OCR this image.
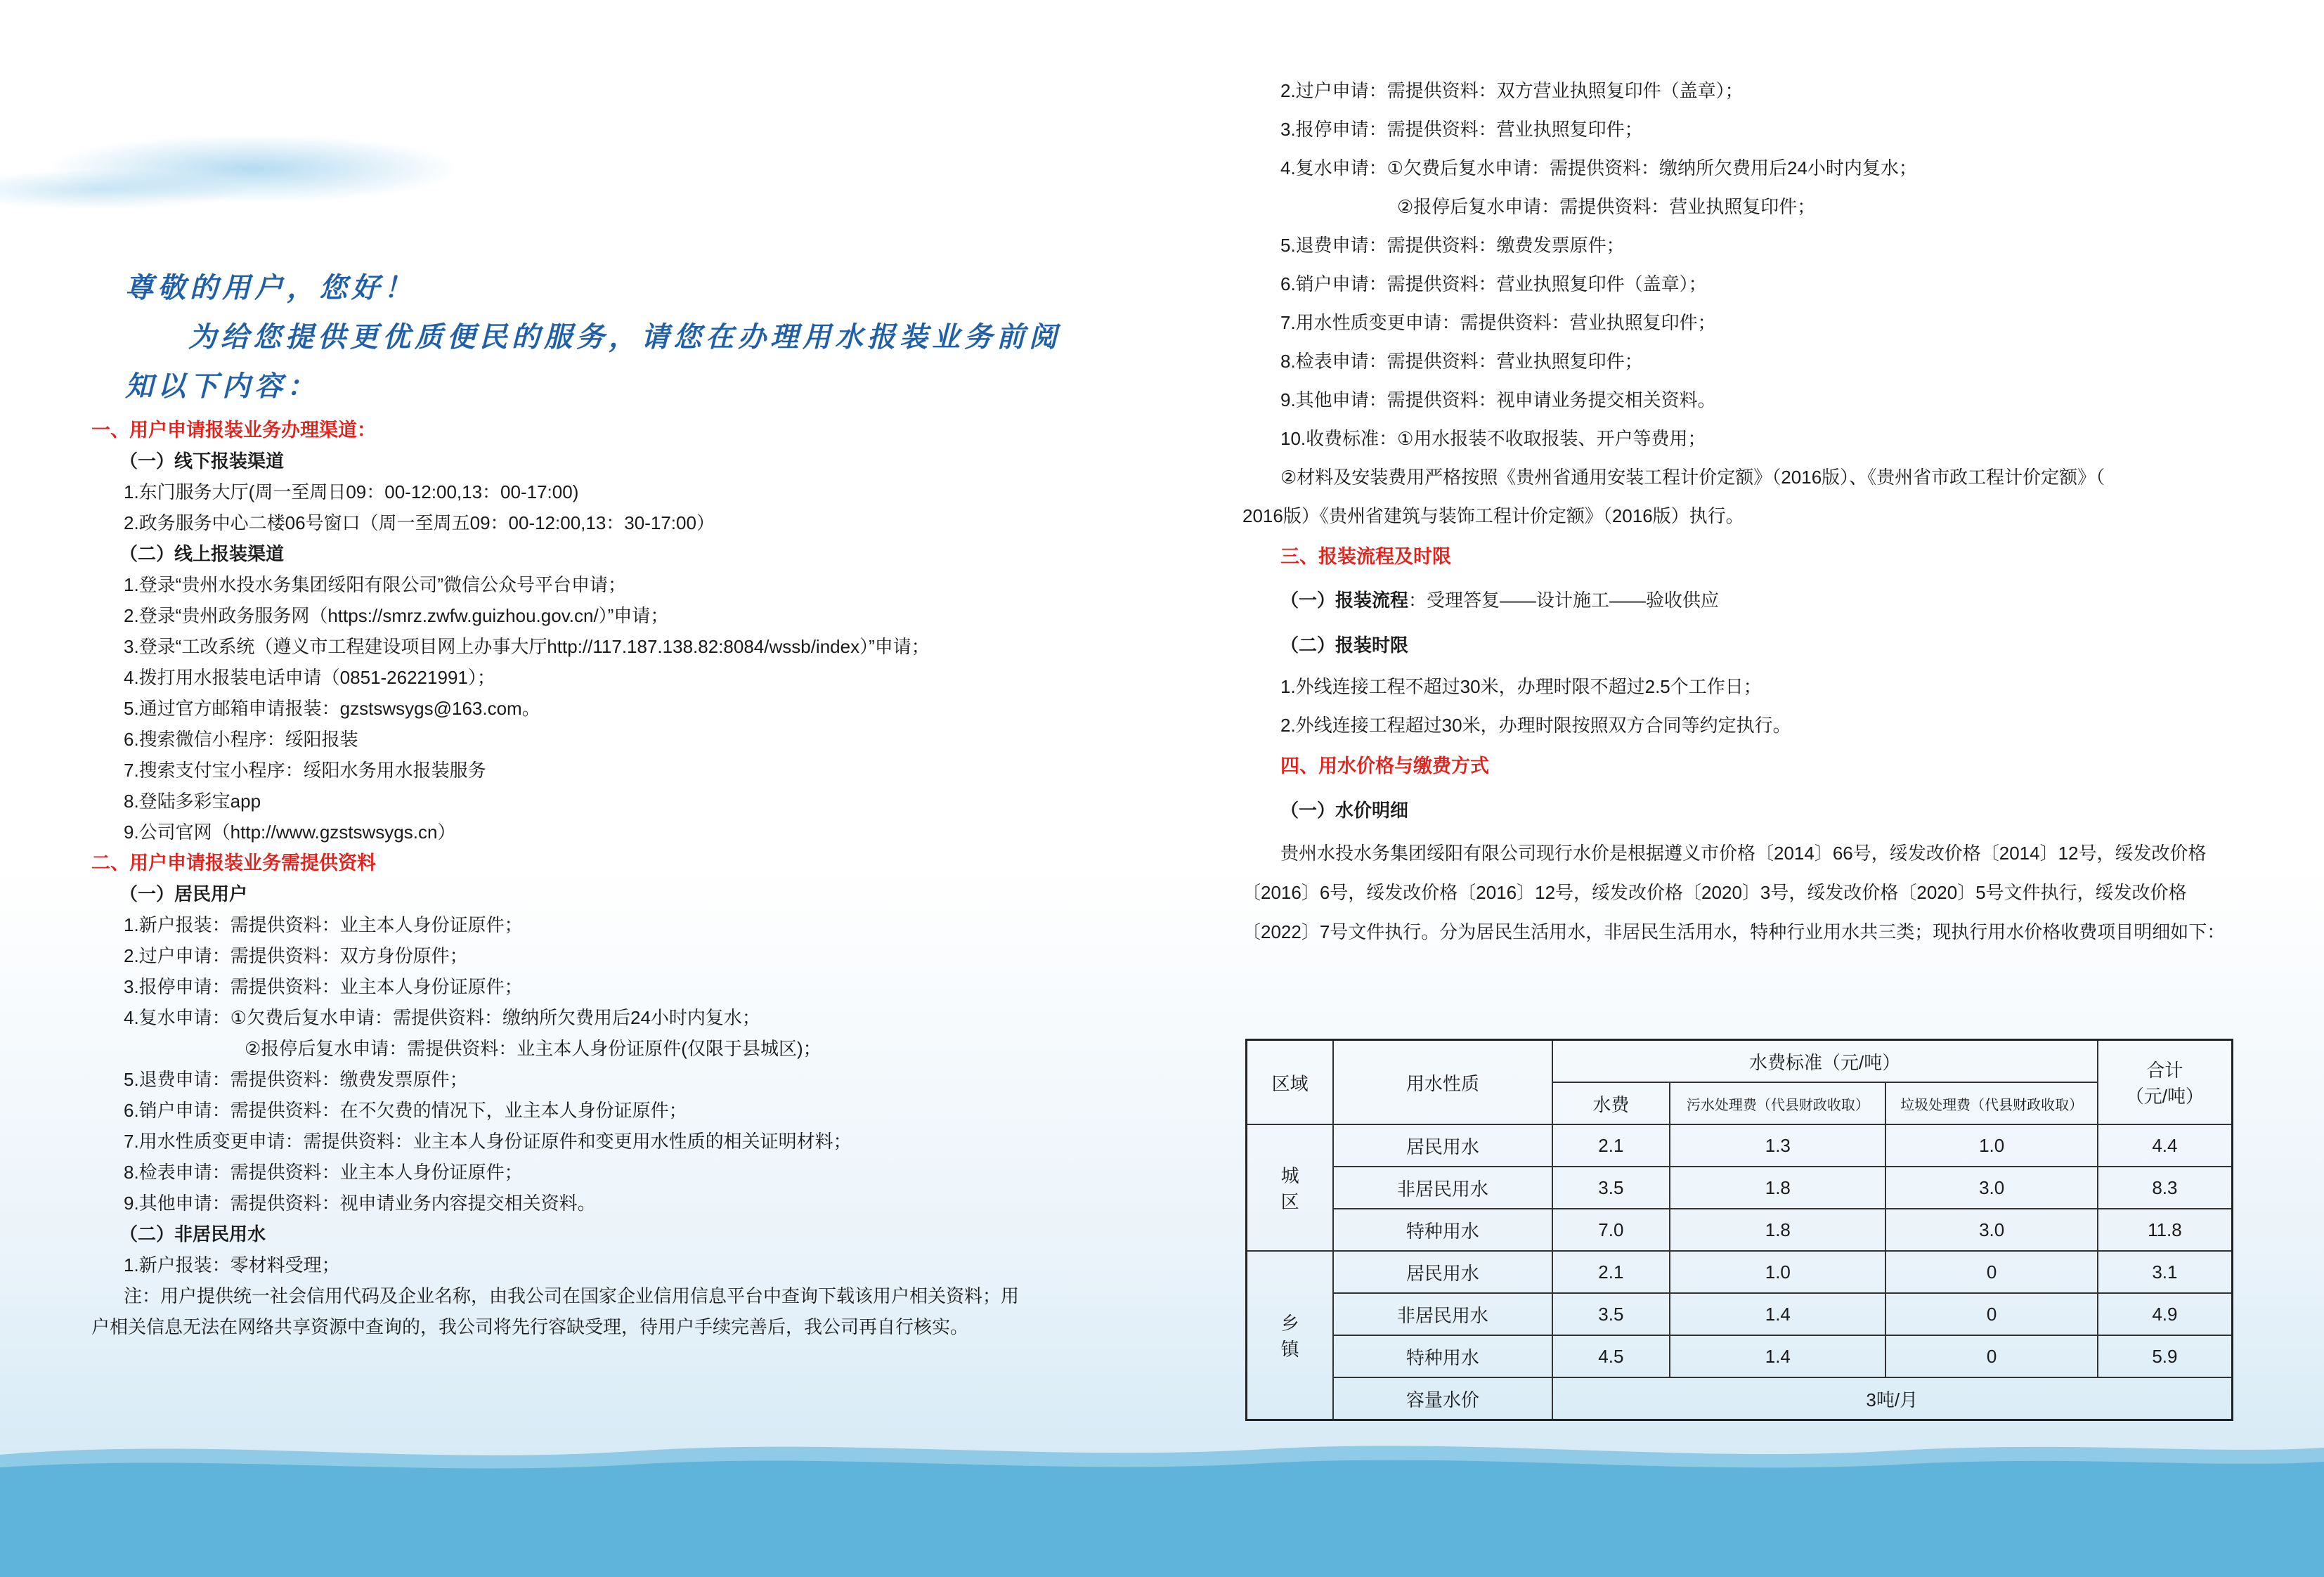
尊敬的用户，您好！
为给您提供更优质便民的服务，请您在办理用水报装业务前阅
知以下内容：
一、用户申请报装业务办理渠道：
（一）线下报装渠道
1.东门服务大厅(周一至周日09：00-12:00,13：00-17:00)
2.政务服务中心二楼06号窗口（周一至周五09：00-12:00,13：30-17:00）
（二）线上报装渠道
1.登录“贵州水投水务集团绥阳有限公司”微信公众号平台申请；
2.登录“贵州政务服务网（https://smrz.zwfw.guizhou.gov.cn/）”申请；
3.登录“工改系统（遵义市工程建设项目网上办事大厅http://117.187.138.82:8084/wssb/index）”申请；
4.拨打用水报装电话申请（0851-26221991）；
5.通过官方邮箱申请报装：gzstswsygs@163.com。
6.搜索微信小程序：绥阳报装
7.搜索支付宝小程序：绥阳水务用水报装服务
8.登陆多彩宝app
9.公司官网（http://www.gzstswsygs.cn）
二、用户申请报装业务需提供资料
（一）居民用户
1.新户报装：需提供资料：业主本人身份证原件；
2.过户申请：需提供资料：双方身份原件；
3.报停申请：需提供资料：业主本人身份证原件；
4.复水申请：①欠费后复水申请：需提供资料：缴纳所欠费用后24小时内复水；
②报停后复水申请：需提供资料：业主本人身份证原件(仅限于县城区)；
5.退费申请：需提供资料：缴费发票原件；
6.销户申请：需提供资料：在不欠费的情况下，业主本人身份证原件；
7.用水性质变更申请：需提供资料：业主本人身份证原件和变更用水性质的相关证明材料；
8.检表申请：需提供资料：业主本人身份证原件；
9.其他申请：需提供资料：视申请业务内容提交相关资料。
（二）非居民用水
1.新户报装：零材料受理；
注：用户提供统一社会信用代码及企业名称，由我公司在国家企业信用信息平台中查询下载该用户相关资料；用
户相关信息无法在网络共享资源中查询的，我公司将先行容缺受理，待用户手续完善后，我公司再自行核实。
2.过户申请：需提供资料：双方营业执照复印件（盖章）；
3.报停申请：需提供资料：营业执照复印件；
4.复水申请：①欠费后复水申请：需提供资料：缴纳所欠费用后24小时内复水；
②报停后复水申请：需提供资料：营业执照复印件；
5.退费申请：需提供资料：缴费发票原件；
6.销户申请：需提供资料：营业执照复印件（盖章）；
7.用水性质变更申请：需提供资料：营业执照复印件；
8.检表申请：需提供资料：营业执照复印件；
9.其他申请：需提供资料：视申请业务提交相关资料。
10.收费标准：①用水报装不收取报装、开户等费用；
②材料及安装费用严格按照《贵州省通用安装工程计价定额》（2016版）、《贵州省市政工程计价定额》（
2016版）《贵州省建筑与装饰工程计价定额》（2016版）执行。
三、报装流程及时限
（一）报装流程：受理答复——设计施工——验收供应
（二）报装时限
1.外线连接工程不超过30米，办理时限不超过2.5个工作日；
2.外线连接工程超过30米，办理时限按照双方合同等约定执行。
四、用水价格与缴费方式
（一）水价明细
贵州水投水务集团绥阳有限公司现行水价是根据遵义市价格〔2014〕66号，绥发改价格〔2014〕12号，绥发改价格〔2016〕6号，绥发改价格〔2016〕12号，绥发改价格〔2020〕3号，绥发改价格〔2020〕5号文件执行，绥发改价格〔2022〕7号文件执行。分为居民生活用水，非居民生活用水，特种行业用水共三类；现执行用水价格收费项目明细如下：
区域	用水性质	水费标准（元/吨）			合计
（元/吨）

		水费	污水处理费（代县财政收取）	垃圾处理费（代县财政收取）	

城
区	居民用水	2.1	1.3	1.0	4.4
	非居民用水	3.5	1.8	3.0	8.3
	特种用水	7.0	1.8	3.0	11.8

乡
镇	居民用水	2.1	1.0	0	3.1
	非居民用水	3.5	1.4	0	4.9
	特种用水	4.5	1.4	0	5.9
	容量水价	3吨/月			
